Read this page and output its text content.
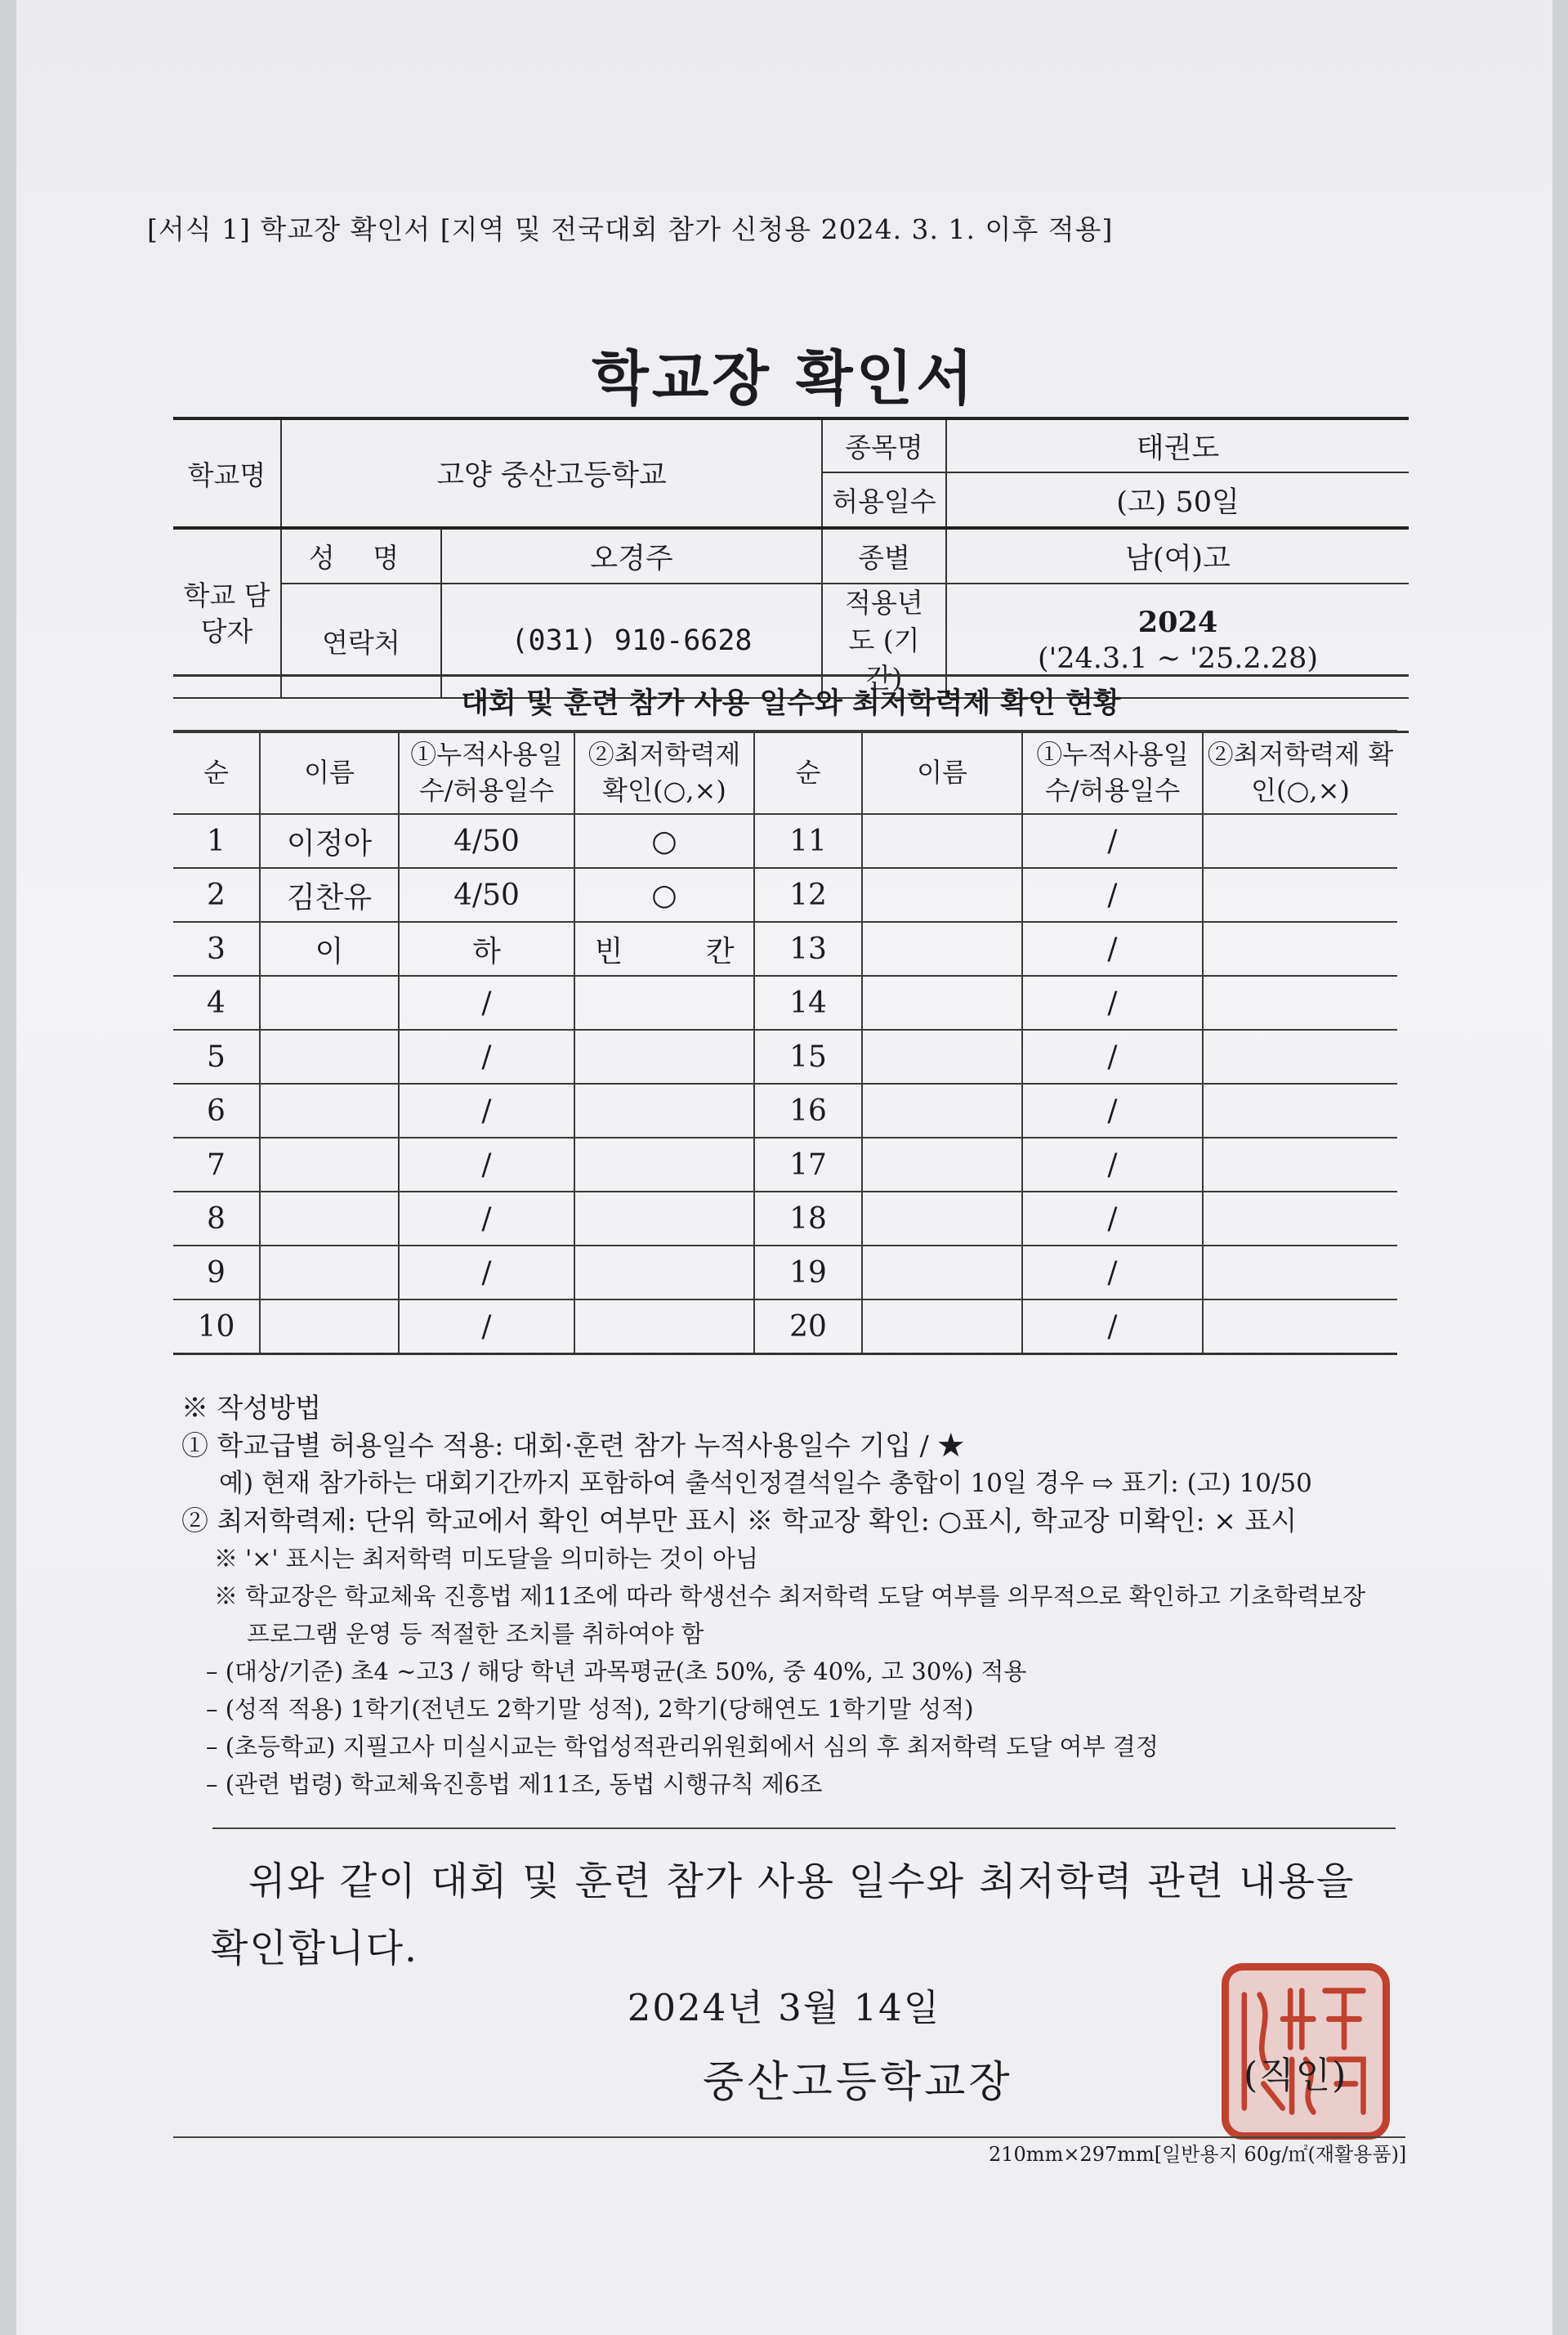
[서식 1] 학교장 확인서 [지역 및 전국대회 참가 신청용 2024. 3. 1. 이후 적용]
학교장 확인서
학교명	고양 중산고등학교		종목명	태권도
			허용일수	(고) 50일
학교 담당자	성 명	오경주	종별	남(여)고
	연락처	(031) 910-6628	적용년도 (기간)	2024
('24.3.1 ~ '25.2.28)
대회 및 훈련 참가 사용 일수와 최저학력제 확인 현황
순	이름	①누적사용일수/허용일수	②최저학력제 확인(○,×)	순	이름	①누적사용일수/허용일수	②최저학력제 확인(○,×)
1	이정아	4/50	○	11		/	
2	김찬유	4/50	○	12		/	
3	이	하	빈 칸	13		/	
4		/		14		/	
5		/		15		/	
6		/		16		/	
7		/		17		/	
8		/		18		/	
9		/		19		/	
10		/		20		/	
※ 작성방법
① 학교급별 허용일수 적용: 대회·훈련 참가 누적사용일수 기입 / ★
예) 현재 참가하는 대회기간까지 포함하여 출석인정결석일수 총합이 10일 경우 ⇨ 표기: (고) 10/50
② 최저학력제: 단위 학교에서 확인 여부만 표시 ※ 학교장 확인: ○표시, 학교장 미확인: × 표시
※ '×' 표시는 최저학력 미도달을 의미하는 것이 아님
※ 학교장은 학교체육 진흥법 제11조에 따라 학생선수 최저학력 도달 여부를 의무적으로 확인하고 기초학력보장
프로그램 운영 등 적절한 조치를 취하여야 함
– (대상/기준) 초4 ~고3 / 해당 학년 과목평균(초 50%, 중 40%, 고 30%) 적용
– (성적 적용) 1학기(전년도 2학기말 성적), 2학기(당해연도 1학기말 성적)
– (초등학교) 지필고사 미실시교는 학업성적관리위원회에서 심의 후 최저학력 도달 여부 결정
– (관련 법령) 학교체육진흥법 제11조, 동법 시행규칙 제6조
위와 같이 대회 및 훈련 참가 사용 일수와 최저학력 관련 내용을 확인합니다.
2024년 3월 14일
중산고등학교장	(직인)
210mm×297mm[일반용지 60g/㎡(재활용품)]
